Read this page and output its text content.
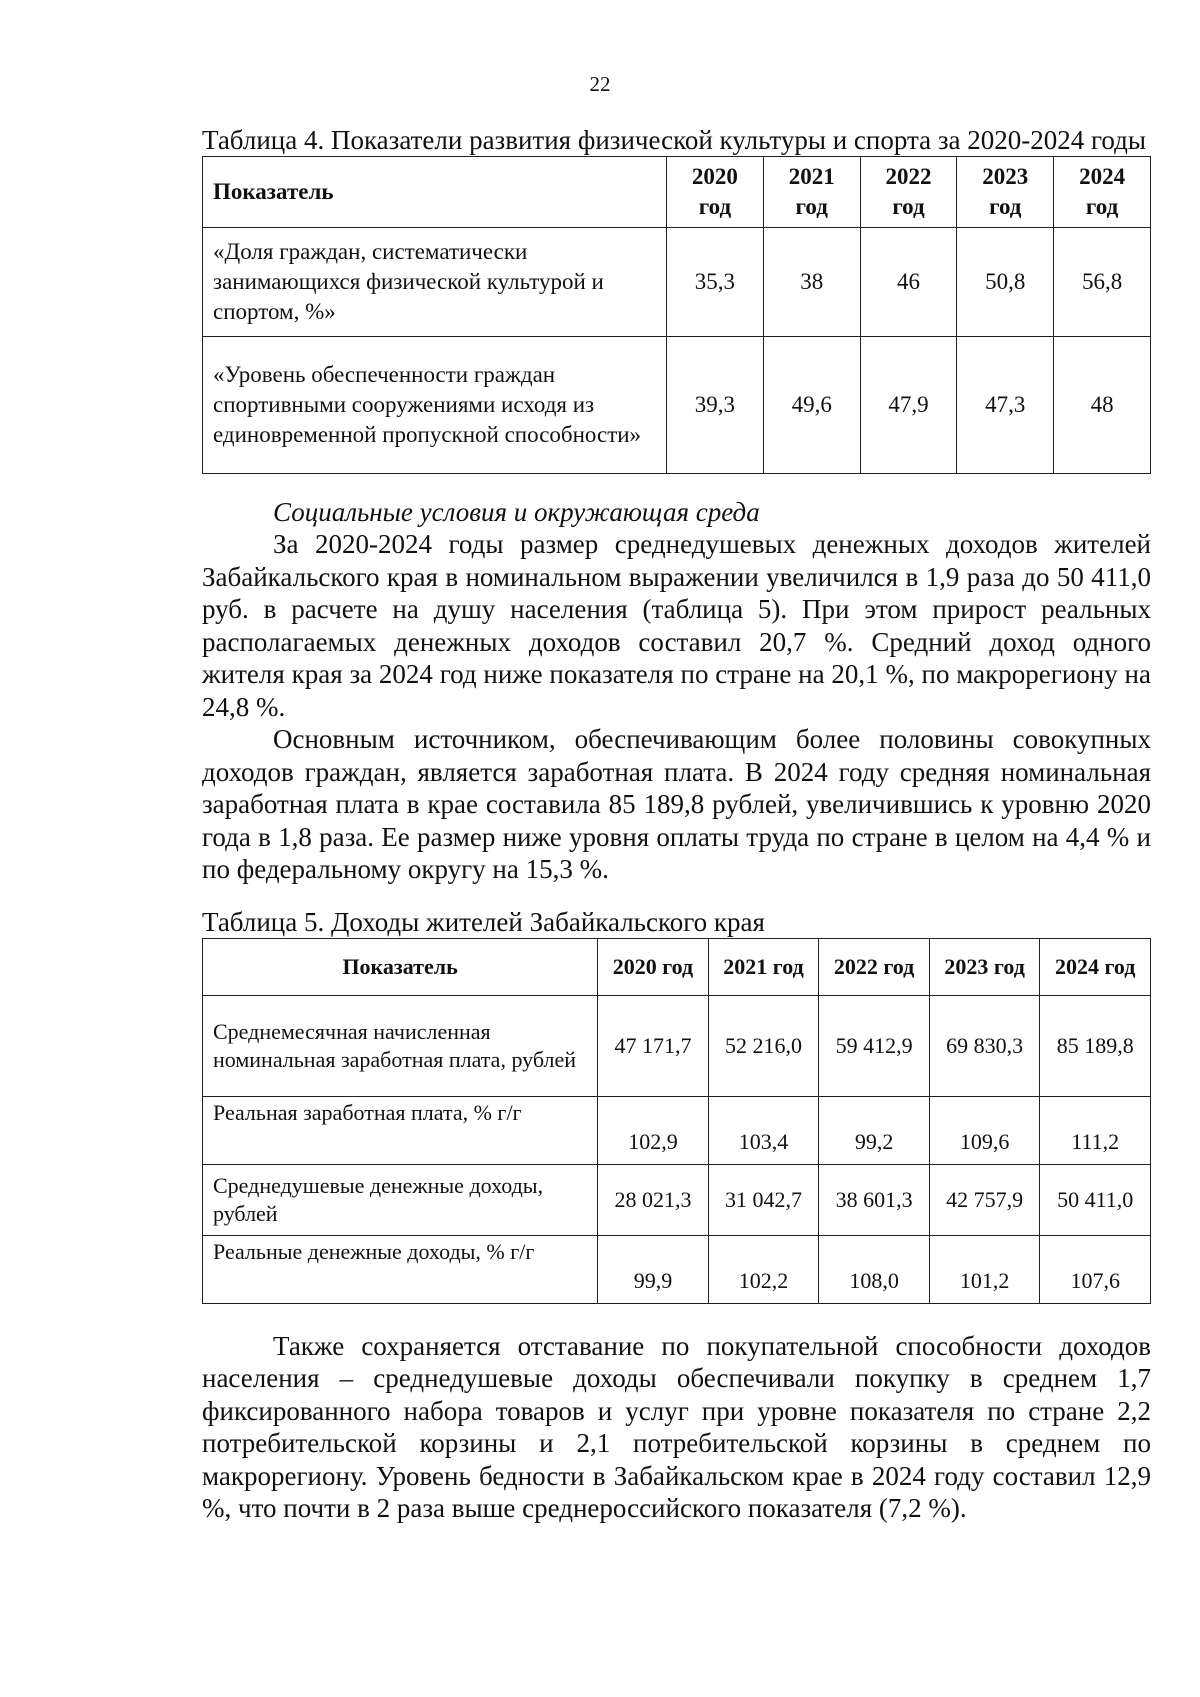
22

Таблица 4. Показатели развития физической культуры и спорта за 2020-2024 годы

Показатель	2020 год	2021 год	2022 год	2023 год	2024 год
«Доля граждан, систематически занимающихся физической культурой и спортом, %»	35,3	38	46	50,8	56,8
«Уровень обеспеченности граждан спортивными сооружениями исходя из единовременной пропускной способности»	39,3	49,6	47,9	47,3	48

Социальные условия и окружающая среда

За 2020-2024 годы размер среднедушевых денежных доходов жителей Забайкальского края в номинальном выражении увеличился в 1,9 раза до 50 411,0 руб. в расчете на душу населения (таблица 5). При этом прирост реальных располагаемых денежных доходов составил 20,7 %. Средний доход одного жителя края за 2024 год ниже показателя по стране на 20,1 %, по макрорегиону на 24,8 %.

Основным источником, обеспечивающим более половины совокупных доходов граждан, является заработная плата. В 2024 году средняя номинальная заработная плата в крае составила 85 189,8 рублей, увеличившись к уровню 2020 года в 1,8 раза. Ее размер ниже уровня оплаты труда по стране в целом на 4,4 % и по федеральному округу на 15,3 %.

Таблица 5. Доходы жителей Забайкальского края

Показатель	2020 год	2021 год	2022 год	2023 год	2024 год
Среднемесячная начисленная номинальная заработная плата, рублей	47 171,7	52 216,0	59 412,9	69 830,3	85 189,8
Реальная заработная плата, % г/г	102,9	103,4	99,2	109,6	111,2
Среднедушевые денежные доходы, рублей	28 021,3	31 042,7	38 601,3	42 757,9	50 411,0
Реальные денежные доходы, % г/г	99,9	102,2	108,0	101,2	107,6

Также сохраняется отставание по покупательной способности доходов населения – среднедушевые доходы обеспечивали покупку в среднем 1,7 фиксированного набора товаров и услуг при уровне показателя по стране 2,2 потребительской корзины и 2,1 потребительской корзины в среднем по макрорегиону. Уровень бедности в Забайкальском крае в 2024 году составил 12,9 %, что почти в 2 раза выше среднероссийского показателя (7,2 %).
